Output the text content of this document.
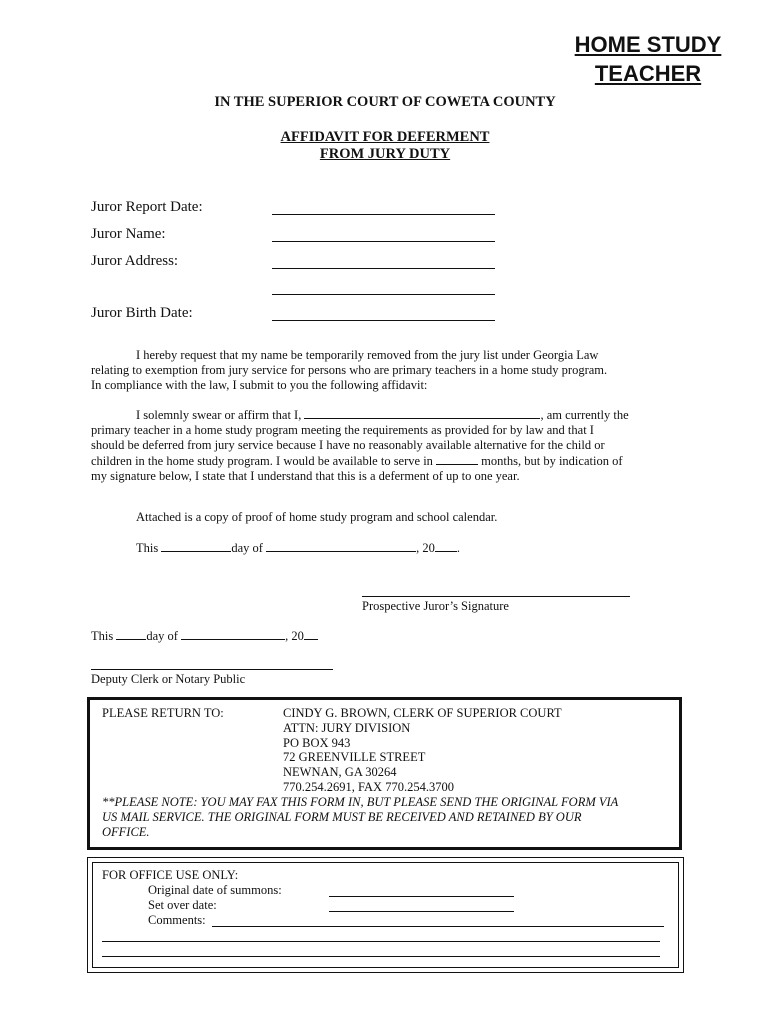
HOME STUDY
TEACHER
IN THE SUPERIOR COURT OF COWETA COUNTY
AFFIDAVIT FOR DEFERMENT
FROM JURY DUTY
Juror Report Date:
Juror Name:
Juror Address:
Juror Birth Date:
I hereby request that my name be temporarily removed from the jury list under Georgia Law
relating to exemption from jury service for persons who are primary teachers in a home study program.
In compliance with the law, I submit to you the following affidavit:
I solemnly swear or affirm that I,	, am currently the
primary teacher in a home study program meeting the requirements as provided for by law and that I
should be deferred from jury service because I have no reasonably available alternative for the child or
children in the home study program. I would be available to serve in	months, but by indication of
my signature below, I state that I understand that this is a deferment of up to one year.
Attached is a copy of proof of home study program and school calendar.
This	day of	, 20 .
Prospective Juror’s Signature
This day of	, 20
Deputy Clerk or Notary Public
PLEASE RETURN TO:	CINDY G. BROWN, CLERK OF SUPERIOR COURT
ATTN: JURY DIVISION
PO BOX 943
72 GREENVILLE STREET
NEWNAN, GA 30264
770.254.2691, FAX 770.254.3700
**PLEASE NOTE: YOU MAY FAX THIS FORM IN, BUT PLEASE SEND THE ORIGINAL FORM VIA
US MAIL SERVICE. THE ORIGINAL FORM MUST BE RECEIVED AND RETAINED BY OUR
OFFICE.
FOR OFFICE USE ONLY:
Original date of summons:
Set over date:
Comments:
